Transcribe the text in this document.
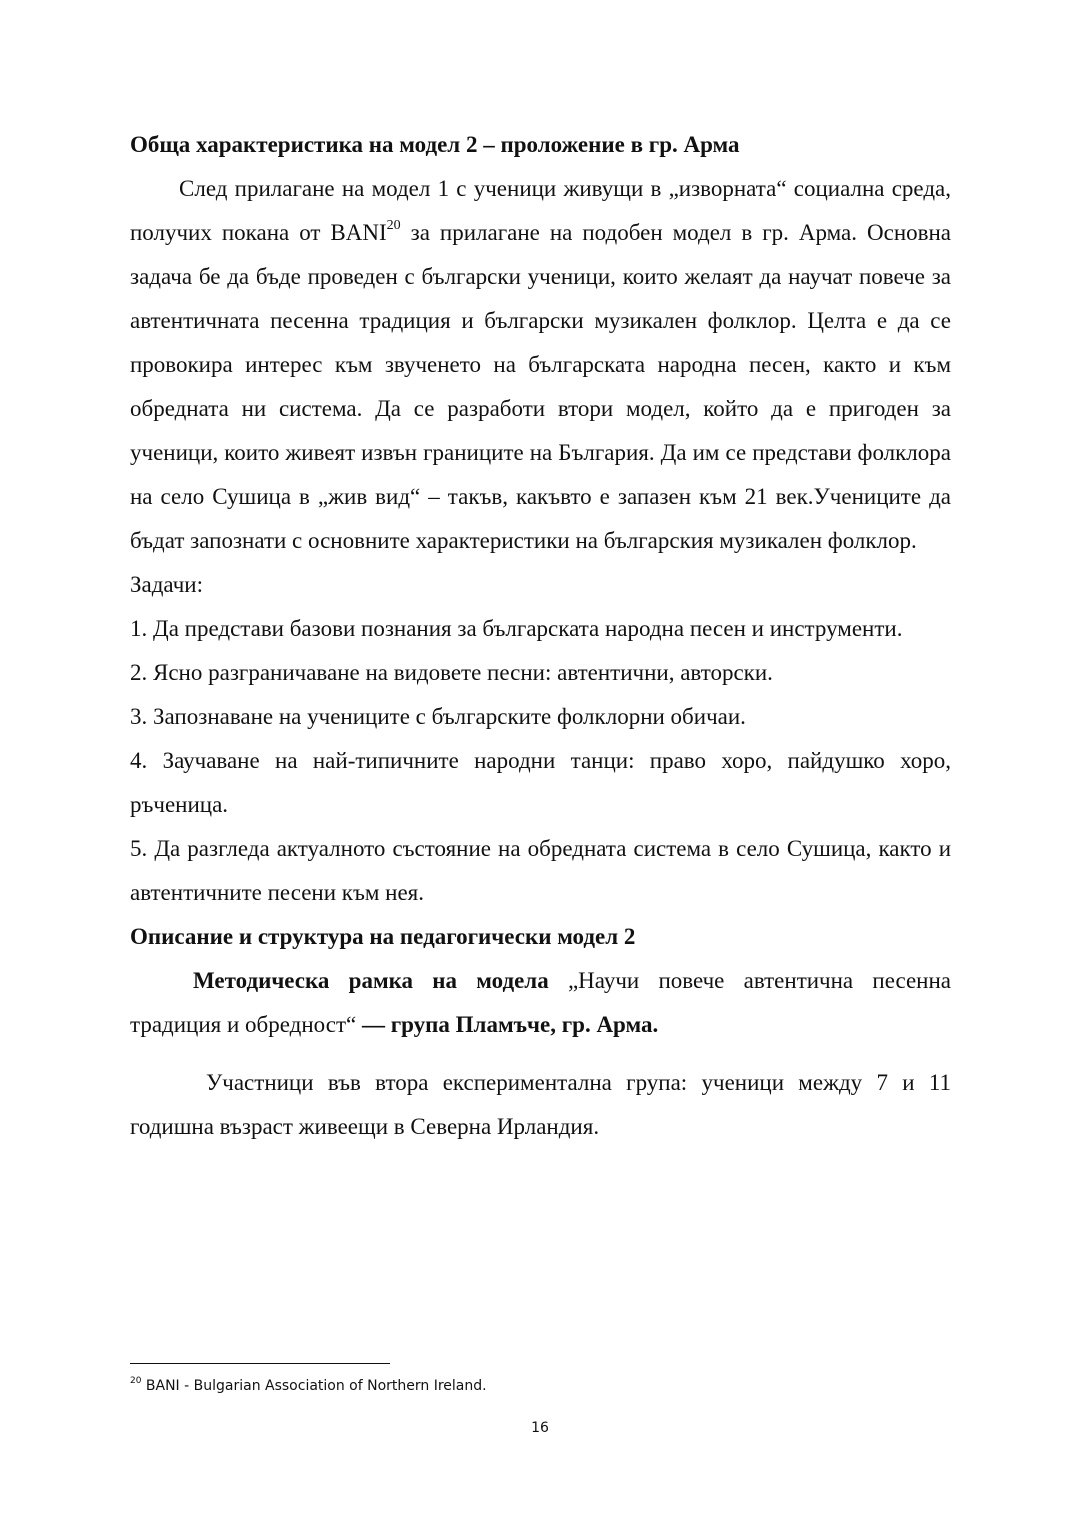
Обща характеристика на модел 2 – проложение в гр. Арма

След прилагане на модел 1 с ученици живущи в „изворната“ социална среда, получих покана от BANI$^{20}$ за прилагане на подобен модел в гр. Арма. Основна задача бе да бъде проведен с български ученици, които желаят да научат повече за автентичната песенна традиция и български музикален фолклор. Целта е да се провокира интерес към звученето на българската народна песен, както и към обредната ни система. Да се разработи втори модел, който да е пригоден за ученици, които живеят извън границите на България. Да им се представи фолклора на село Сушица в „жив вид“ – такъв, какъвто е запазен към 21 век.Учениците да бъдат запознати с основните характеристики на българския музикален фолклор.

Задачи:

1. Да представи базови познания за българската народна песен и инструменти.

2. Ясно разграничаване на видовете песни: автентични, авторски.

3. Запознаване на учениците с българските фолклорни обичаи.

4. Заучаване на най-типичните народни танци: право хоро, пайдушко хоро, ръченица.

5. Да разгледа актуалното състояние на обредната система в село Сушица, както и автентичните песени към нея.

Описание и структура на педагогически модел 2

Методическа рамка на модела „Научи повече автентична песенна традиция и обредност“ — група Пламъче, гр. Арма.

Участници във втора експериментална група: ученици между 7 и 11 годишна възраст живеещи в Северна Ирландия.

$^{20}$ BANI - Bulgarian Association of Northern Ireland.
16
